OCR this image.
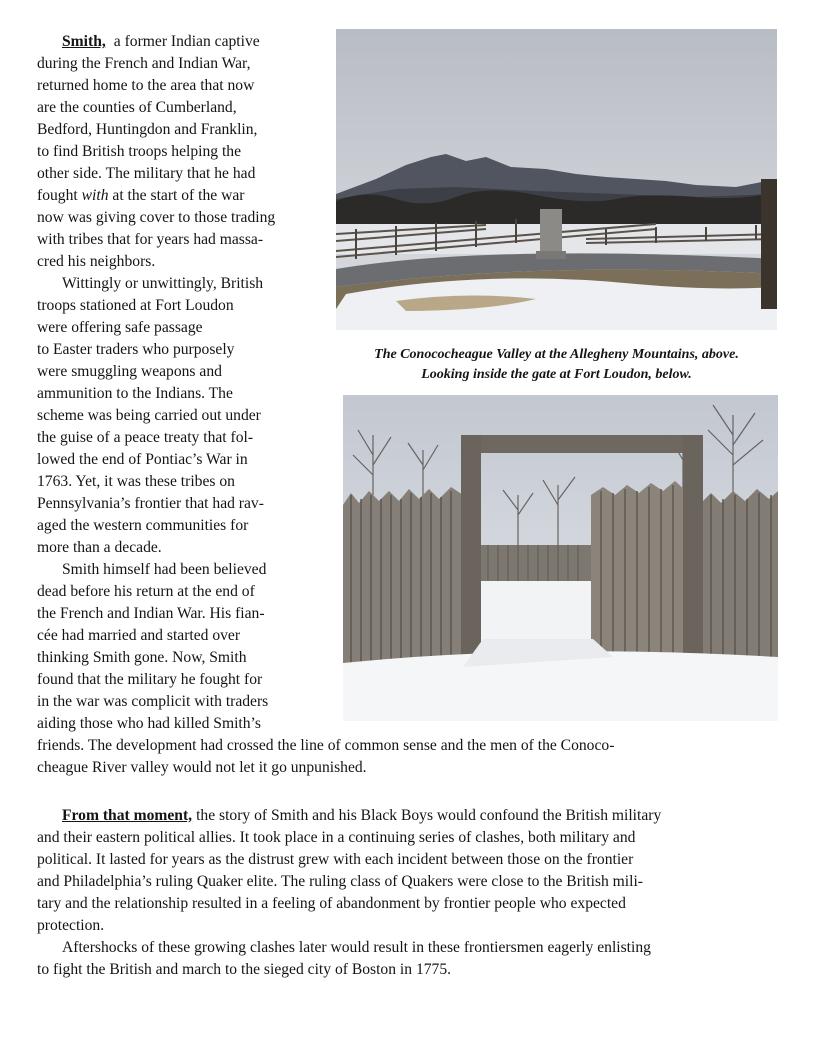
Smith, a former Indian captive
during the French and Indian War,
returned home to the area that now
are the counties of Cumberland,
Bedford, Huntingdon and Franklin,
to find British troops helping the
other side. The military that he had
fought with at the start of the war
now was giving cover to those trading
with tribes that for years had massa-
cred his neighbors.
Wittingly or unwittingly, British
troops stationed at Fort Loudon
were offering safe passage
to Easter traders who purposely
were smuggling weapons and
ammunition to the Indians. The
scheme was being carried out under
the guise of a peace treaty that fol-
lowed the end of Pontiac’s War in
1763. Yet, it was these tribes on
Pennsylvania’s frontier that had rav-
aged the western communities for
more than a decade.
Smith himself had been believed
dead before his return at the end of
the French and Indian War. His fian-
cée had married and started over
thinking Smith gone. Now, Smith
found that the military he fought for
in the war was complicit with traders
aiding those who had killed Smith’s
friends. The development had crossed the line of common sense and the men of the Conoco-
cheague River valley would not let it go unpunished.
From that moment, the story of Smith and his Black Boys would confound the British military
and their eastern political allies. It took place in a continuing series of clashes, both military and
political. It lasted for years as the distrust grew with each incident between those on the frontier
and Philadelphia’s ruling Quaker elite. The ruling class of Quakers were close to the British mili-
tary and the relationship resulted in a feeling of abandonment by frontier people who expected
protection.
Aftershocks of these growing clashes later would result in these frontiersmen eagerly enlisting
to fight the British and march to the sieged city of Boston in 1775.
The Conococheague Valley at the Allegheny Mountains, above.
Looking inside the gate at Fort Loudon, below.
